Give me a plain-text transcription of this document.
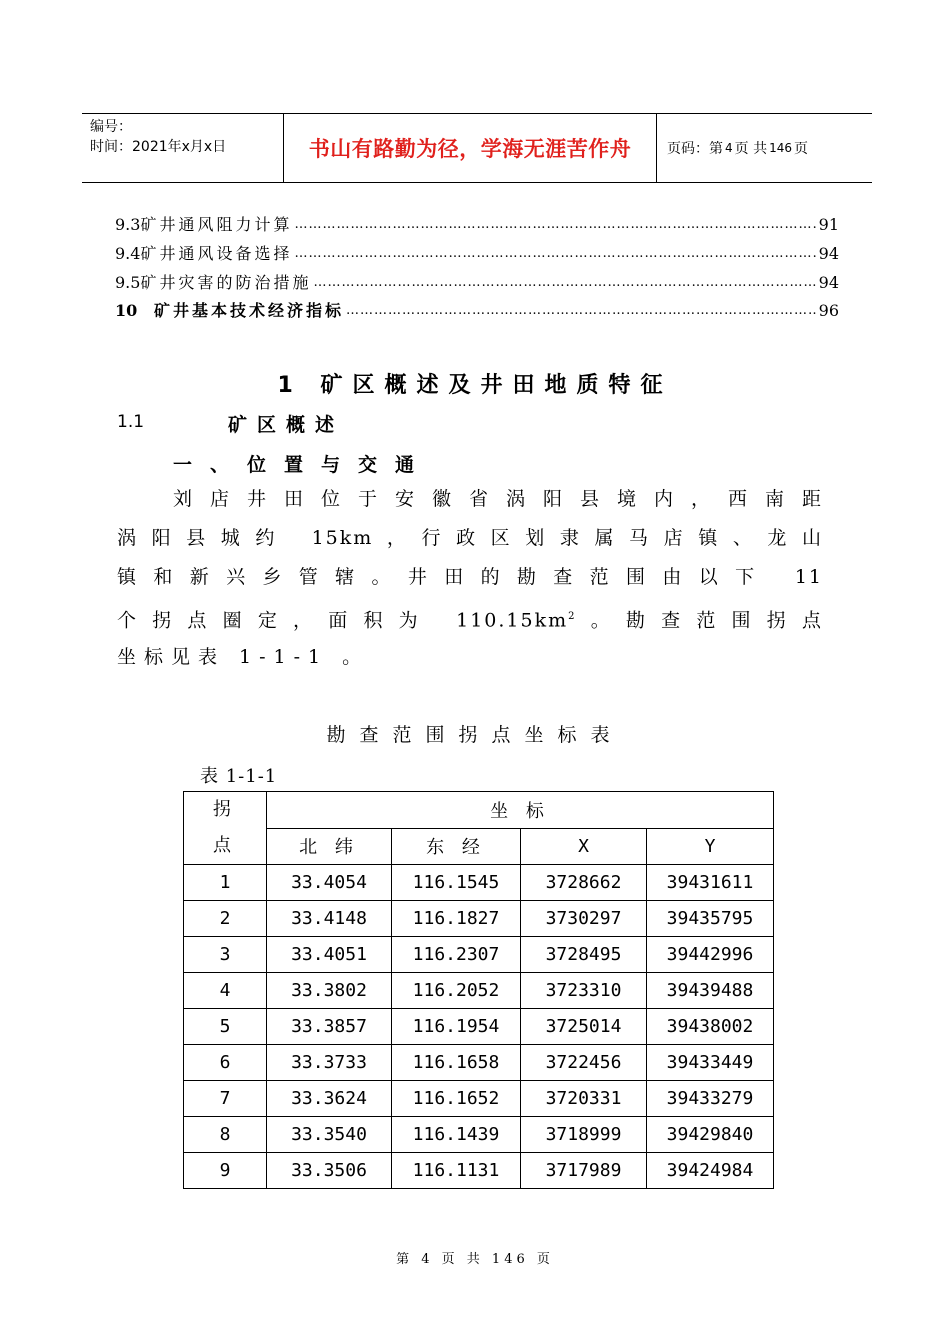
编号：
时间：2021年x月x日	书山有路勤为径，学海无涯苦作舟	页码：第 4 页 共 146 页
9.3 矿井通风阻力计算 …………………………………………………………………………………………………………	91
9.4 矿井通风设备选择 …………………………………………………………………………………………………………	94
9.5 矿井灾害的防治措施 …………………………………………………………………………………………………………	94
10 矿井基本技术经济指标 …………………………………………………………………………………………………………	96
1 矿区概述及井田地质特征
1.1	矿区概述
一、位置与交通
刘店井田位于安徽省涡阳县境内，西南距
涡阳县城约 15km，行政区划隶属马店镇、龙山
镇和新兴乡管辖。井田的勘查范围由以下 11
个拐点圈定，面积为 $110.15km^2$。勘查范围拐点
坐标见表 1-1-1 。
勘查范围拐点坐标表
表 1-1-1
拐
点	坐 标			
	北 纬	东 经	X	Y
1	33.4054	116.1545	3728662	39431611
2	33.4148	116.1827	3730297	39435795
3	33.4051	116.2307	3728495	39442996
4	33.3802	116.2052	3723310	39439488
5	33.3857	116.1954	3725014	39438002
6	33.3733	116.1658	3722456	39433449
7	33.3624	116.1652	3720331	39433279
8	33.3540	116.1439	3718999	39429840
9	33.3506	116.1131	3717989	39424984
第 4 页 共 146 页
